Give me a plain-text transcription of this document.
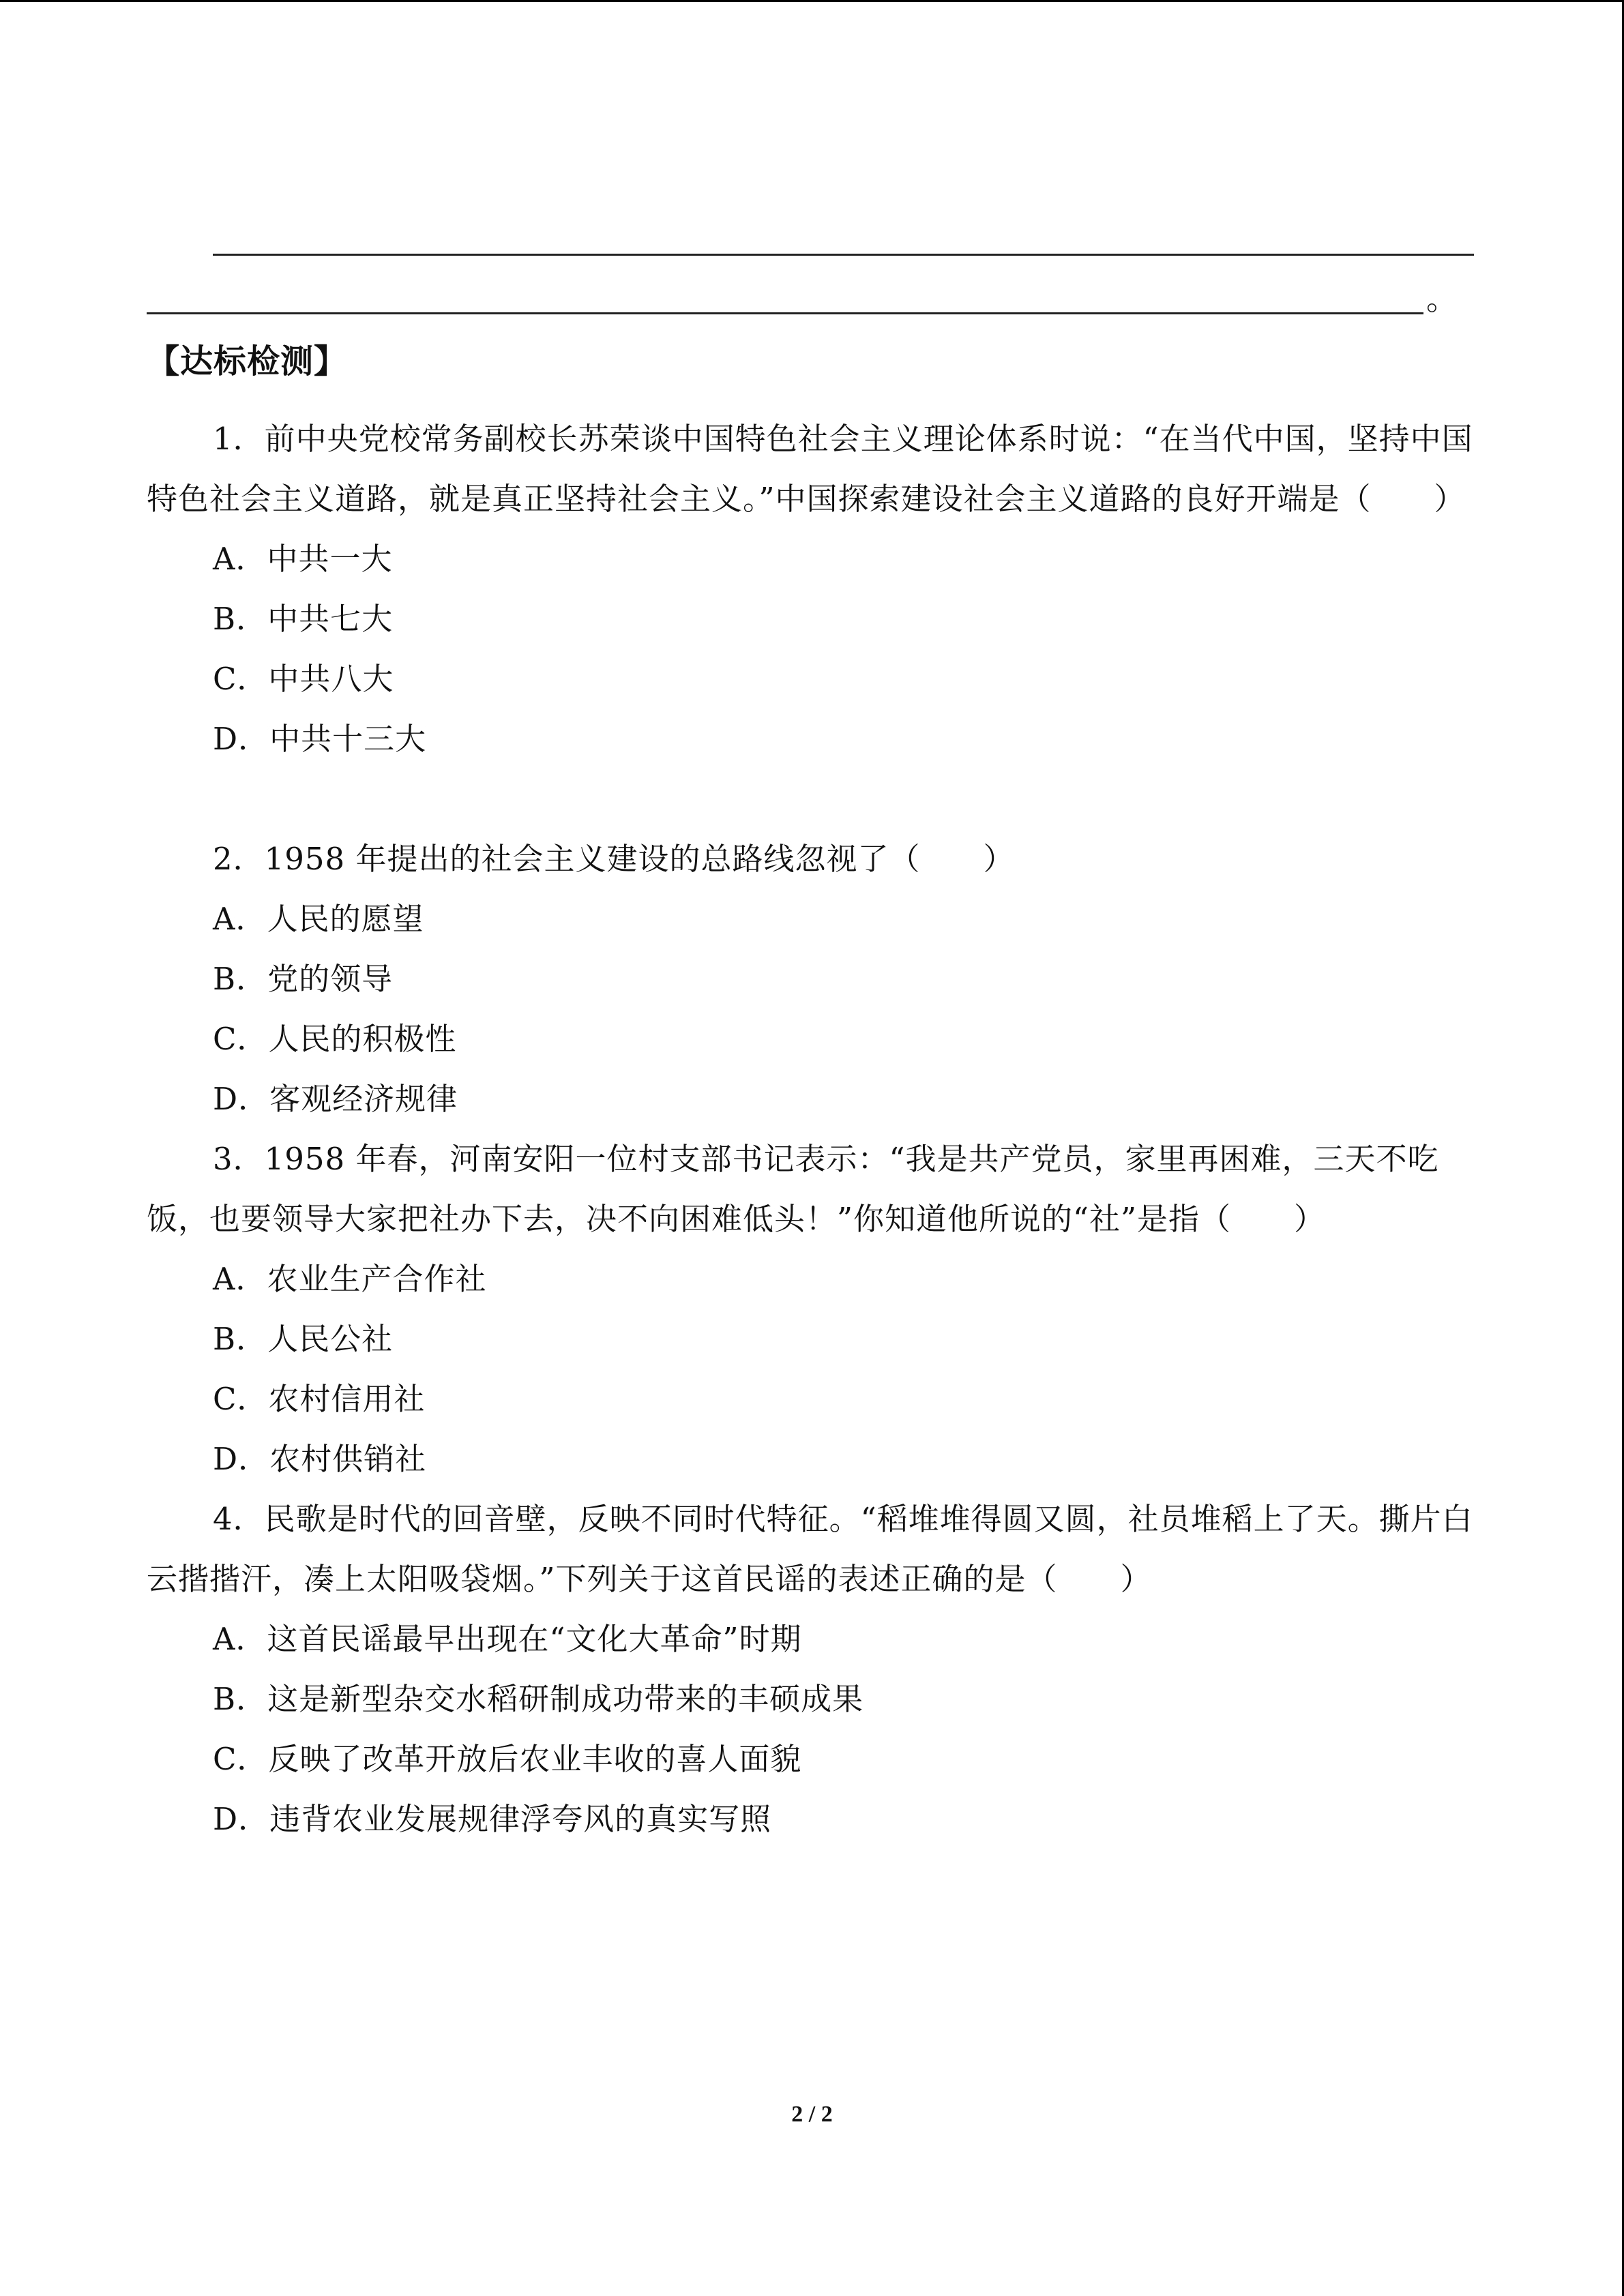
。
【达标检测】

1．前中央党校常务副校长苏荣谈中国特色社会主义理论体系时说：“在当代中国，坚持中国特色社会主义道路，就是真正坚持社会主义。”中国探索建设社会主义道路的良好开端是（　　）

A．中共一大

B．中共七大

C．中共八大

D．中共十三大

2．1958 年提出的社会主义建设的总路线忽视了（　　）

A．人民的愿望

B．党的领导

C．人民的积极性

D．客观经济规律

3．1958 年春，河南安阳一位村支部书记表示：“我是共产党员，家里再困难，三天不吃饭，也要领导大家把社办下去，决不向困难低头！”你知道他所说的“社”是指（　　）

A．农业生产合作社

B．人民公社

C．农村信用社

D．农村供销社

4．民歌是时代的回音壁，反映不同时代特征。“稻堆堆得圆又圆，社员堆稻上了天。撕片白云揩揩汗，凑上太阳吸袋烟。”下列关于这首民谣的表述正确的是（　　）

A．这首民谣最早出现在“文化大革命”时期

B．这是新型杂交水稻研制成功带来的丰硕成果

C．反映了改革开放后农业丰收的喜人面貌

D．违背农业发展规律浮夸风的真实写照

2 / 2
